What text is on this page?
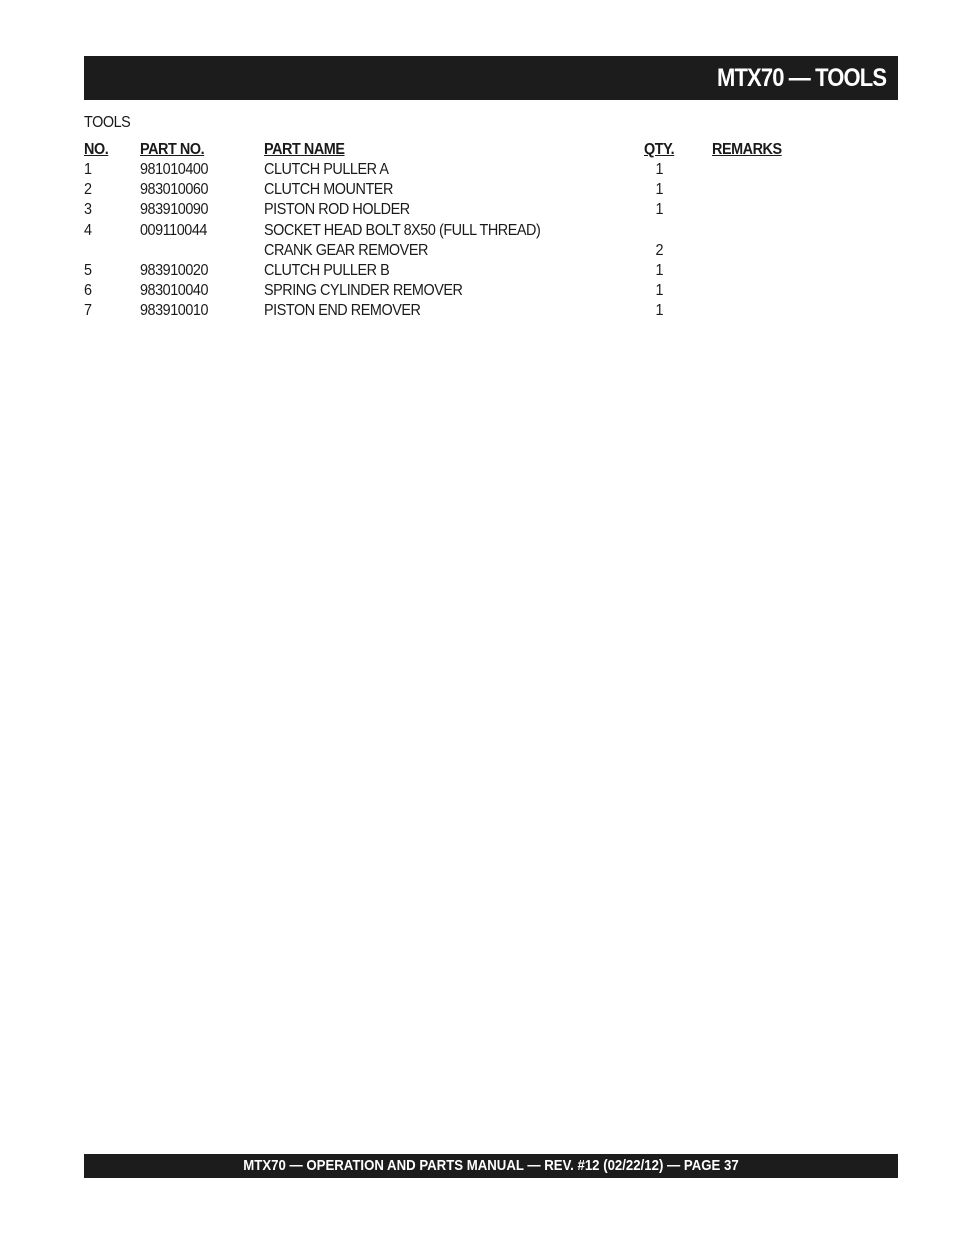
MTX70 — TOOLS
TOOLS
NO. PART NO.	PART NAME	QTY. REMARKS
1	981010400	CLUTCH PULLER A	1
2	983010060	CLUTCH MOUNTER	1
3	983910090	PISTON ROD HOLDER	1
4	009110044	SOCKET HEAD BOLT 8X50 (FULL THREAD)
CRANK GEAR REMOVER	2
5	983910020	CLUTCH PULLER B	1
6	983010040	SPRING CYLINDER REMOVER	1
7	983910010	PISTON END REMOVER	1
MTX70 — OPERATION AND PARTS MANUAL — REV. #12 (02/22/12) — PAGE 37
